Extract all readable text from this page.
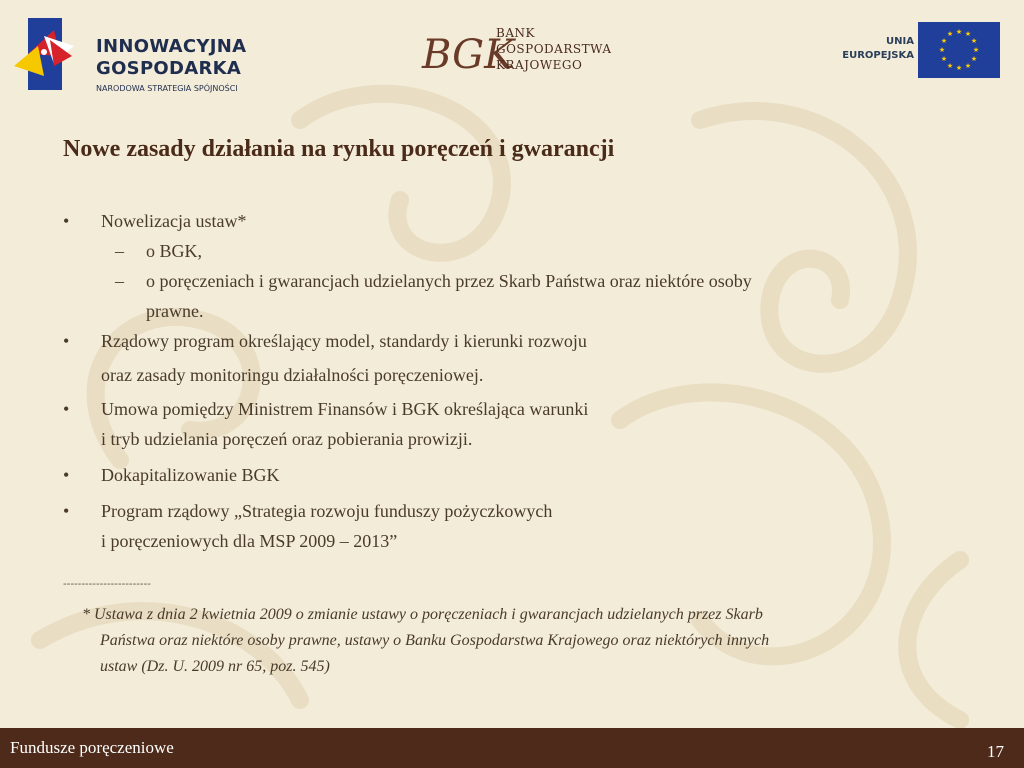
INNOWACYJNA
GOSPODARKA
NARODOWA STRATEGIA SPÓJNOŚCI
BGK
BANK
GOSPODARSTWA
KRAJOWEGO
UNIA
EUROPEJSKA
★ ★
★
★
★
★
★
★
★
★
★
★
Nowe zasady działania na rynku poręczeń i gwarancji
• Nowelizacja ustaw*
– o BGK,
– o poręczeniach i gwarancjach udzielanych przez Skarb Państwa oraz niektóre osoby
prawne.
• Rządowy program określający model, standardy i kierunki rozwoju
oraz zasady monitoringu działalności poręczeniowej.
• Umowa pomiędzy Ministrem Finansów i BGK określająca warunki
i tryb udzielania poręczeń oraz pobierania prowizji.
• Dokapitalizowanie BGK
• Program rządowy „Strategia rozwoju funduszy pożyczkowych
i poręczeniowych dla MSP 2009 – 2013”
------------------------
* Ustawa z dnia 2 kwietnia 2009 o zmianie ustawy o poręczeniach i gwarancjach udzielanych przez Skarb
Państwa oraz niektóre osoby prawne, ustawy o Banku Gospodarstwa Krajowego oraz niektórych innych
ustaw (Dz. U. 2009 nr 65, poz. 545)
Fundusze poręczeniowe	17
